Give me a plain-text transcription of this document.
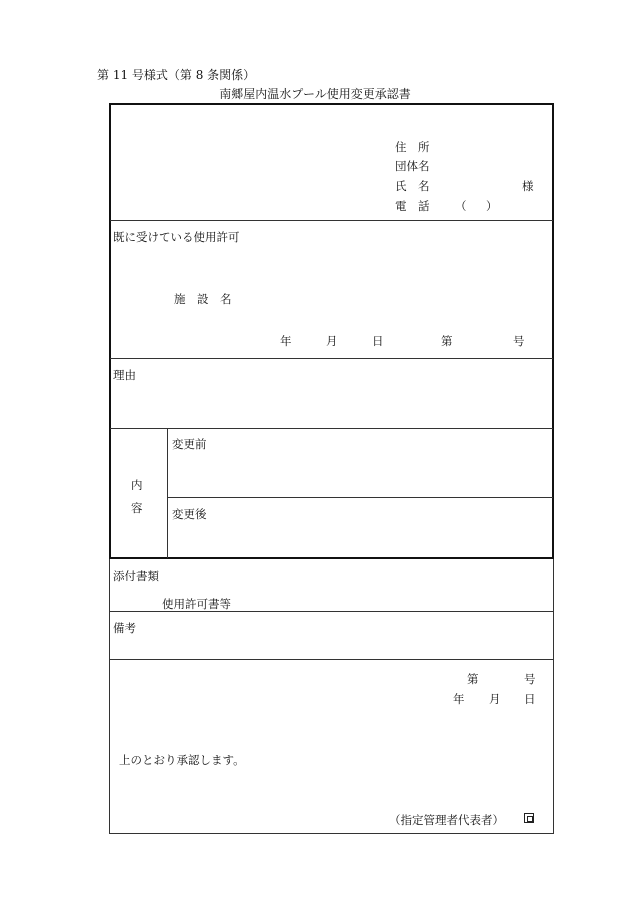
第 11 号様式（第 8 条関係）
南郷屋内温水プール使用変更承認書
住　所
団体名
氏　名	様
電　話 （ ）
既に受けている使用許可
施　設　名
年	月	日	第	号
理由
内
容
変更前
変更後
添付書類
使用許可書等
備考
第	号
年 月 日
上のとおり承認します。
（指定管理者代表者）
